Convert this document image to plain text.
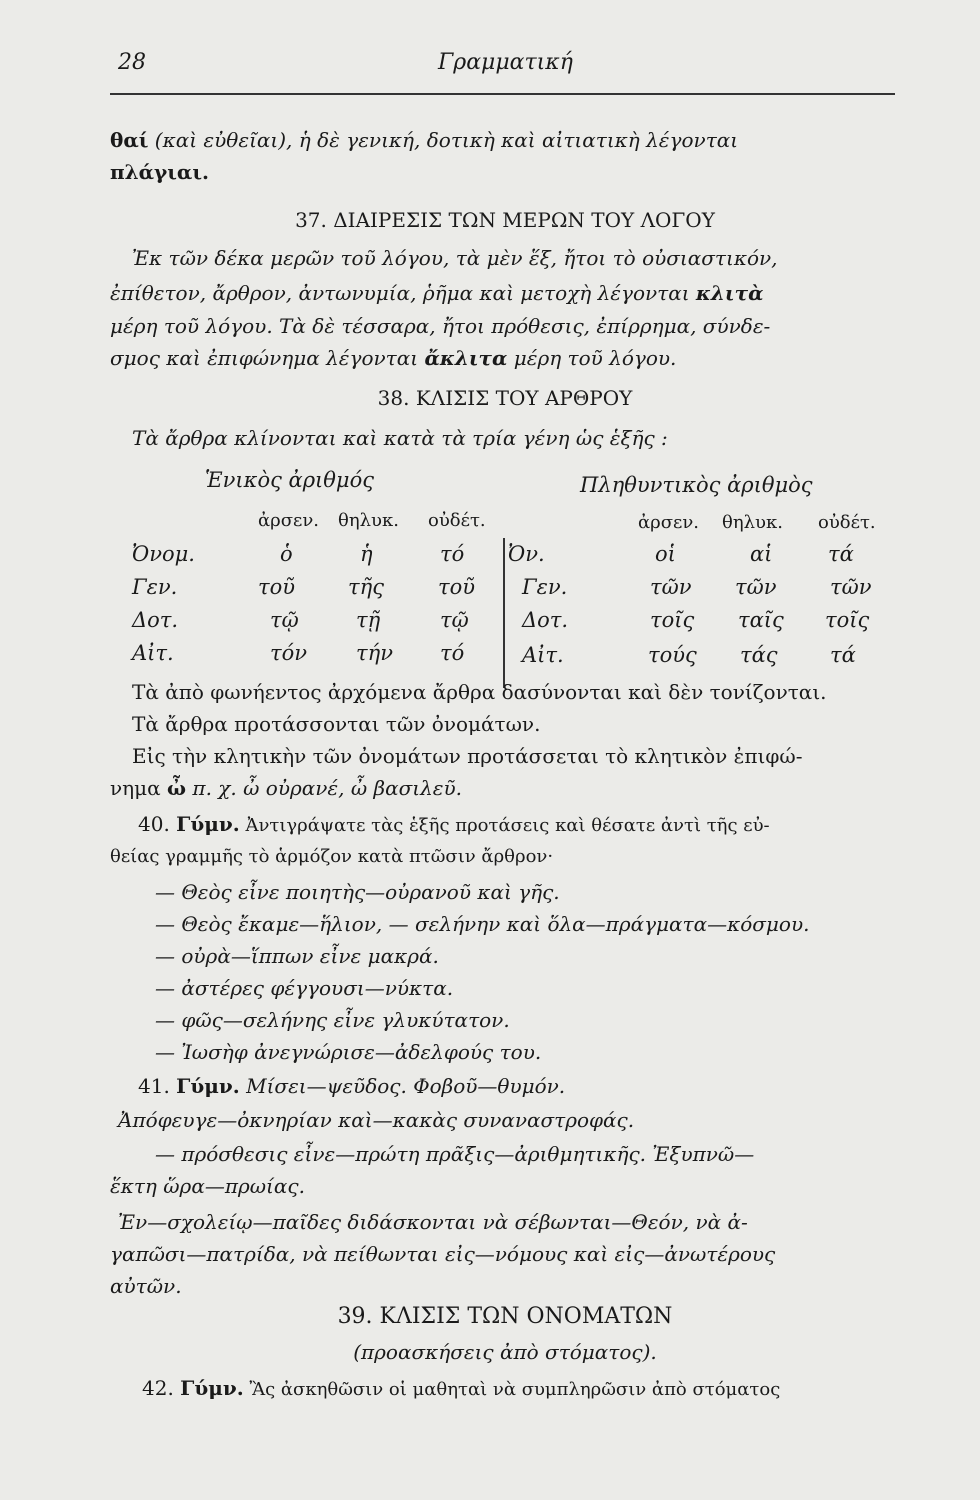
28	Γραμματική
θαί (καὶ εὐθεῖαι), ἡ δὲ γενική, δοτικὴ καὶ αἰτιατικὴ λέγονται
πλάγιαι.
37. ΔΙΑΙΡΕΣΙΣ ΤΩΝ ΜΕΡΩΝ ΤΟΥ ΛΟΓΟΥ
Ἐκ τῶν δέκα μερῶν τοῦ λόγου, τὰ μὲν ἕξ, ἤτοι τὸ οὐσιαστικόν,
ἐπίθετον, ἄρθρον, ἀντωνυμία, ῥῆμα καὶ μετοχὴ λέγονται κλιτὰ
μέρη τοῦ λόγου. Τὰ δὲ τέσσαρα, ἤτοι πρόθεσις, ἐπίρρημα, σύνδε-
σμος καὶ ἐπιφώνημα λέγονται ἄκλιτα μέρη τοῦ λόγου.
38. ΚΛΙΣΙΣ ΤΟΥ ΑΡΘΡΟΥ
Τὰ ἄρθρα κλίνονται καὶ κατὰ τὰ τρία γένη ὡς ἑξῆς :
Ἑνικὸς ἀριθμός	Πληθυντικὸς ἀριθμὸς
ἀρσεν. θηλυκ. οὐδέτ.	ἀρσεν. θηλυκ. οὐδέτ.
Ὀνομ.	ὁ	ἡ	τό Ὀν.	οἱ	αἱ	τά
Γεν.	τοῦ	τῆς	τοῦ Γεν.	τῶν τῶν	τῶν
Δοτ.	τῷ	τῇ	τῷ	Δοτ.	τοῖς ταῖς τοῖς
Αἰτ.	τόν τήν τό	Αἰτ.	τούς τάς τά
Τὰ ἀπὸ φωνήεντος ἀρχόμενα ἄρθρα δασύνονται καὶ δὲν τονίζονται.
Τὰ ἄρθρα προτάσσονται τῶν ὀνομάτων.
Εἰς τὴν κλητικὴν τῶν ὀνομάτων προτάσσεται τὸ κλητικὸν ἐπιφώ-
νημα ὦ π. χ. ὦ οὐρανέ, ὦ βασιλεῦ.
40. Γύμν. Ἀντιγράψατε τὰς ἑξῆς προτάσεις καὶ θέσατε ἀντὶ τῆς εὐ-
θείας γραμμῆς τὸ ἁρμόζον κατὰ πτῶσιν ἄρθρον·
— Θεὸς εἶνε ποιητὴς—οὐρανοῦ καὶ γῆς.
— Θεὸς ἔκαμε—ἥλιον, — σελήνην καὶ ὅλα—πράγματα—κόσμου.
— οὐρὰ—ἵππων εἶνε μακρά.
— ἀστέρες φέγγουσι—νύκτα.
— φῶς—σελήνης εἶνε γλυκύτατον.
— Ἰωσὴφ ἀνεγνώρισε—ἀδελφούς του.
41. Γύμν. Μίσει—ψεῦδος. Φοβοῦ—θυμόν.
Ἀπόφευγε—ὀκνηρίαν καὶ—κακὰς συναναστροφάς.
— πρόσθεσις εἶνε—πρώτη πρᾶξις—ἀριθμητικῆς. Ἐξυπνῶ—
ἕκτη ὥρα—πρωίας.
Ἐν—σχολείῳ—παῖδες διδάσκονται νὰ σέβωνται—Θεόν, νὰ ἀ-
γαπῶσι—πατρίδα, νὰ πείθωνται εἰς—νόμους καὶ εἰς—ἀνωτέρους
αὐτῶν.
39. ΚΛΙΣΙΣ ΤΩΝ ΟΝΟΜΑΤΩΝ
(προασκήσεις ἀπὸ στόματος).
42. Γύμν. Ἂς ἀσκηθῶσιν οἱ μαθηταὶ νὰ συμπληρῶσιν ἀπὸ στόματος
